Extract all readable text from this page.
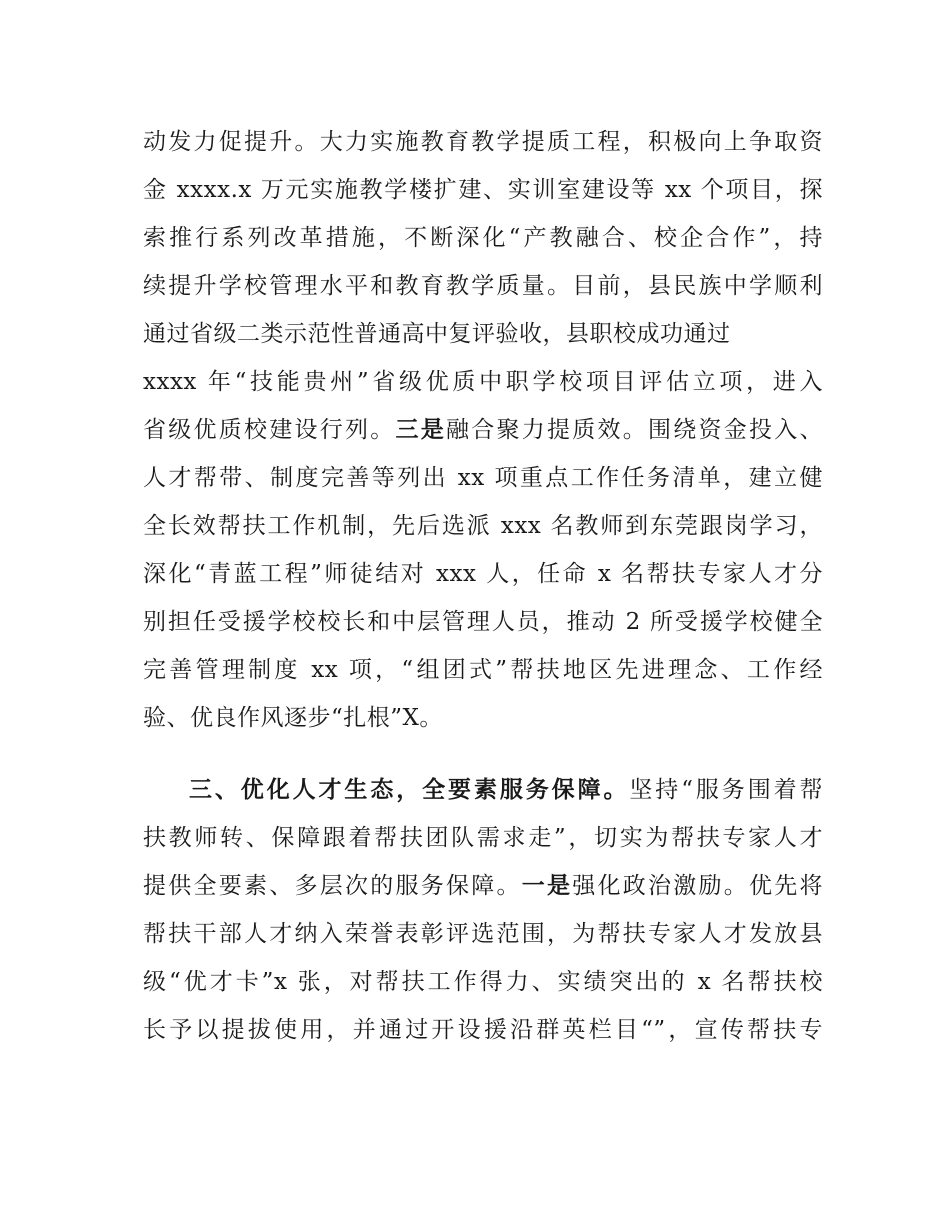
动发力促提升。大力实施教育教学提质工程，积极向上争取资
金 xxxx.x 万元实施教学楼扩建、实训室建设等 xx 个项目，探
索推行系列改革措施，不断深化“产教融合、校企合作”，持
续提升学校管理水平和教育教学质量。目前，县民族中学顺利
通过省级二类示范性普通高中复评验收，县职校成功通过
xxxx 年“技能贵州”省级优质中职学校项目评估立项，进入
省级优质校建设行列。三是融合聚力提质效。围绕资金投入、
人才帮带、制度完善等列出 xx 项重点工作任务清单，建立健
全长效帮扶工作机制，先后选派 xxx 名教师到东莞跟岗学习，
深化“青蓝工程”师徒结对 xxx 人，任命 x 名帮扶专家人才分
别担任受援学校校长和中层管理人员，推动 2 所受援学校健全
完善管理制度 xx 项，“组团式”帮扶地区先进理念、工作经
验、优良作风逐步“扎根”X。
三、优化人才生态，全要素服务保障。坚持“服务围着帮
扶教师转、保障跟着帮扶团队需求走”，切实为帮扶专家人才
提供全要素、多层次的服务保障。一是强化政治激励。优先将
帮扶干部人才纳入荣誉表彰评选范围，为帮扶专家人才发放县
级“优才卡”x 张，对帮扶工作得力、实绩突出的 x 名帮扶校
长予以提拔使用，并通过开设援沿群英栏目“”，宣传帮扶专
